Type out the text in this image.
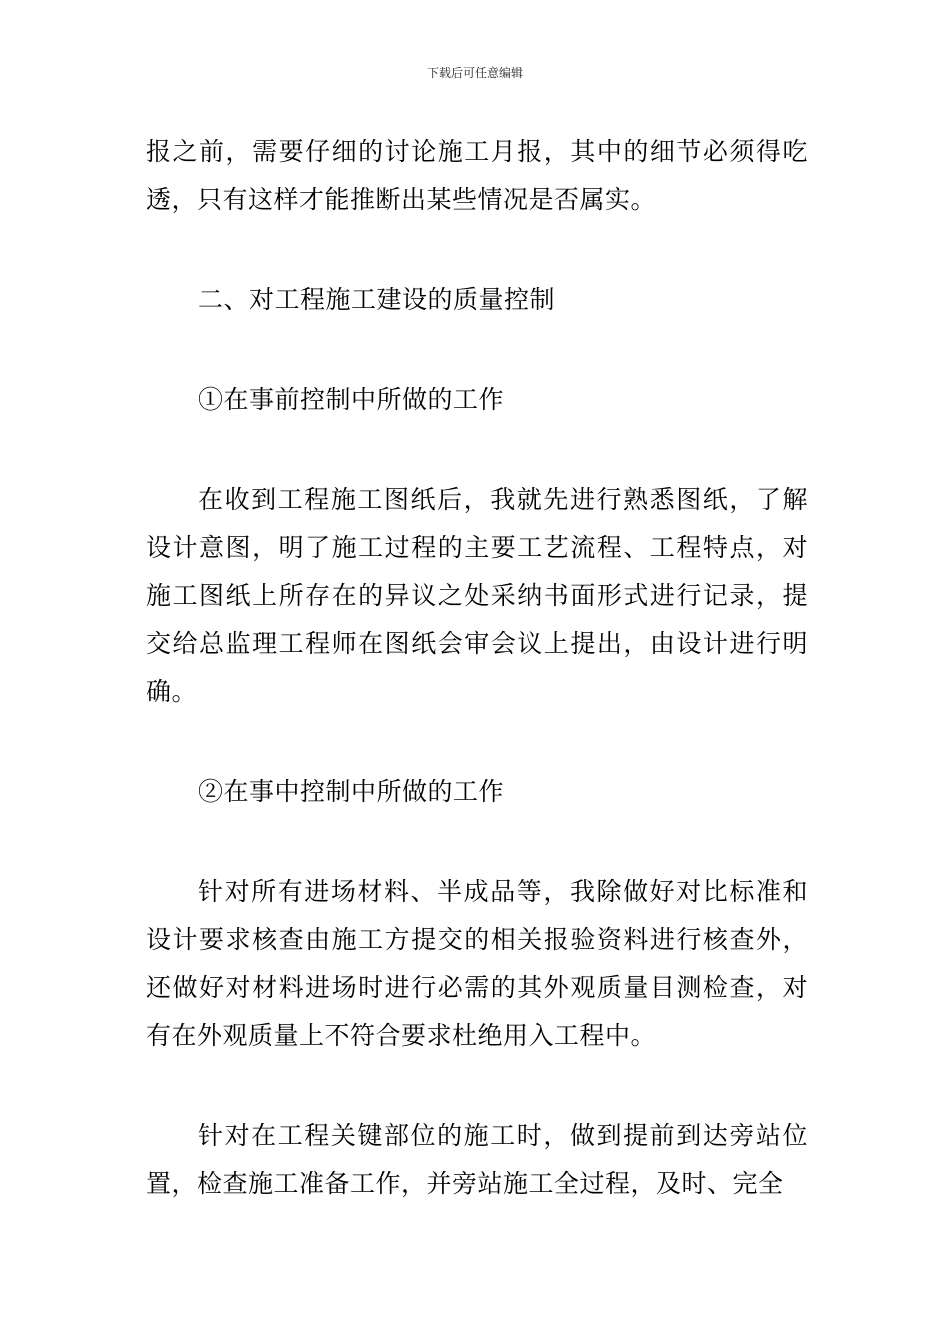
下载后可任意编辑

报之前，需要仔细的讨论施工月报，其中的细节必须得吃透，只有这样才能推断出某些情况是否属实。

二、对工程施工建设的质量控制

①在事前控制中所做的工作

在收到工程施工图纸后，我就先进行熟悉图纸，了解设计意图，明了施工过程的主要工艺流程、工程特点，对施工图纸上所存在的异议之处采纳书面形式进行记录，提交给总监理工程师在图纸会审会议上提出，由设计进行明确。

②在事中控制中所做的工作

针对所有进场材料、半成品等，我除做好对比标准和设计要求核查由施工方提交的相关报验资料进行核查外，还做好对材料进场时进行必需的其外观质量目测检查，对有在外观质量上不符合要求杜绝用入工程中。

针对在工程关键部位的施工时，做到提前到达旁站位置，检查施工准备工作，并旁站施工全过程，及时、完全
